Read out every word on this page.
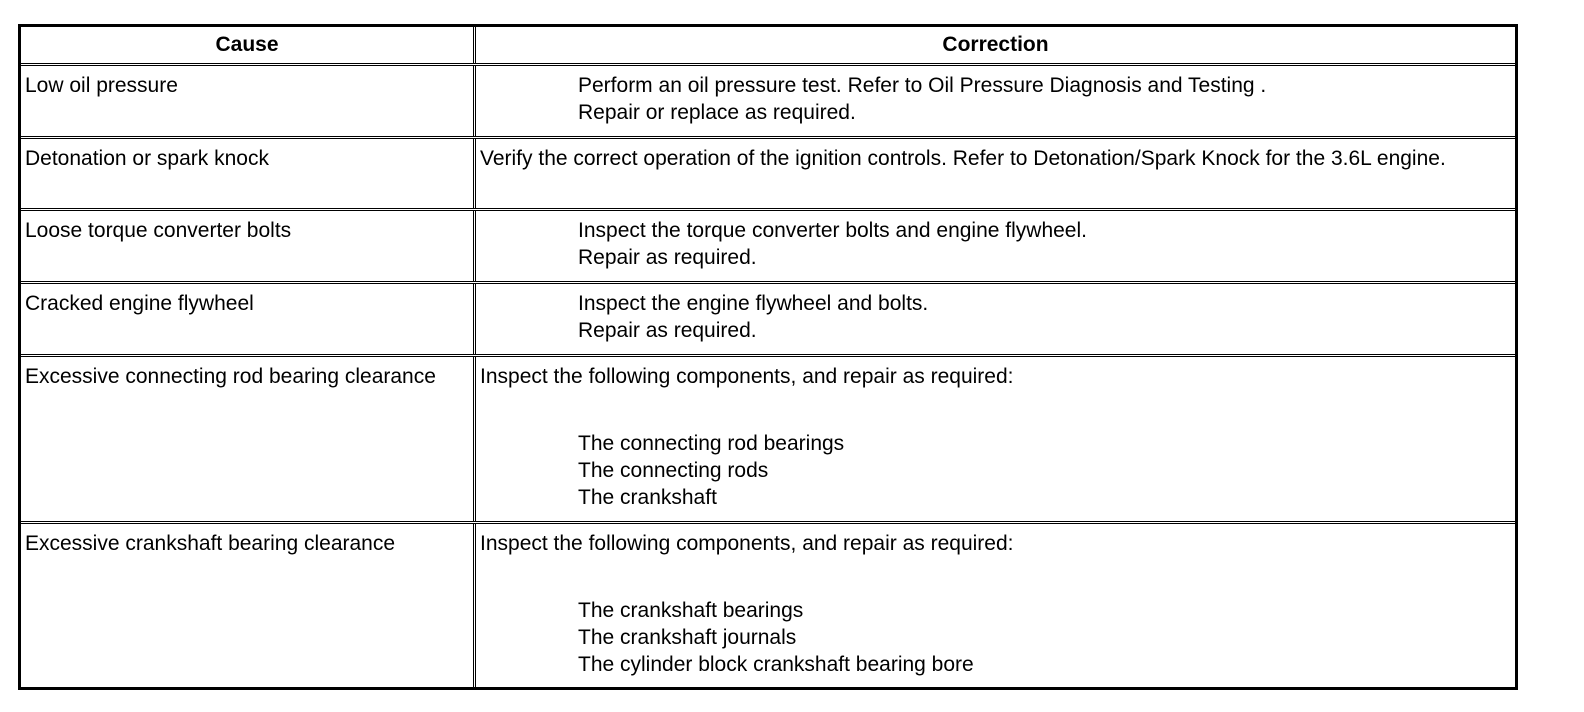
Cause	Correction
Low oil pressure	Perform an oil pressure test. Refer to Oil Pressure Diagnosis and Testing .
Repair or replace as required.
Detonation or spark knock	Verify the correct operation of the ignition controls. Refer to Detonation/Spark Knock for the 3.6L engine.
Loose torque converter bolts	Inspect the torque converter bolts and engine flywheel.
Repair as required.
Cracked engine flywheel	Inspect the engine flywheel and bolts.
Repair as required.
Excessive connecting rod bearing clearance	Inspect the following components, and repair as required:
The connecting rod bearings
The connecting rods
The crankshaft
Excessive crankshaft bearing clearance	Inspect the following components, and repair as required:
The crankshaft bearings
The crankshaft journals
The cylinder block crankshaft bearing bore
